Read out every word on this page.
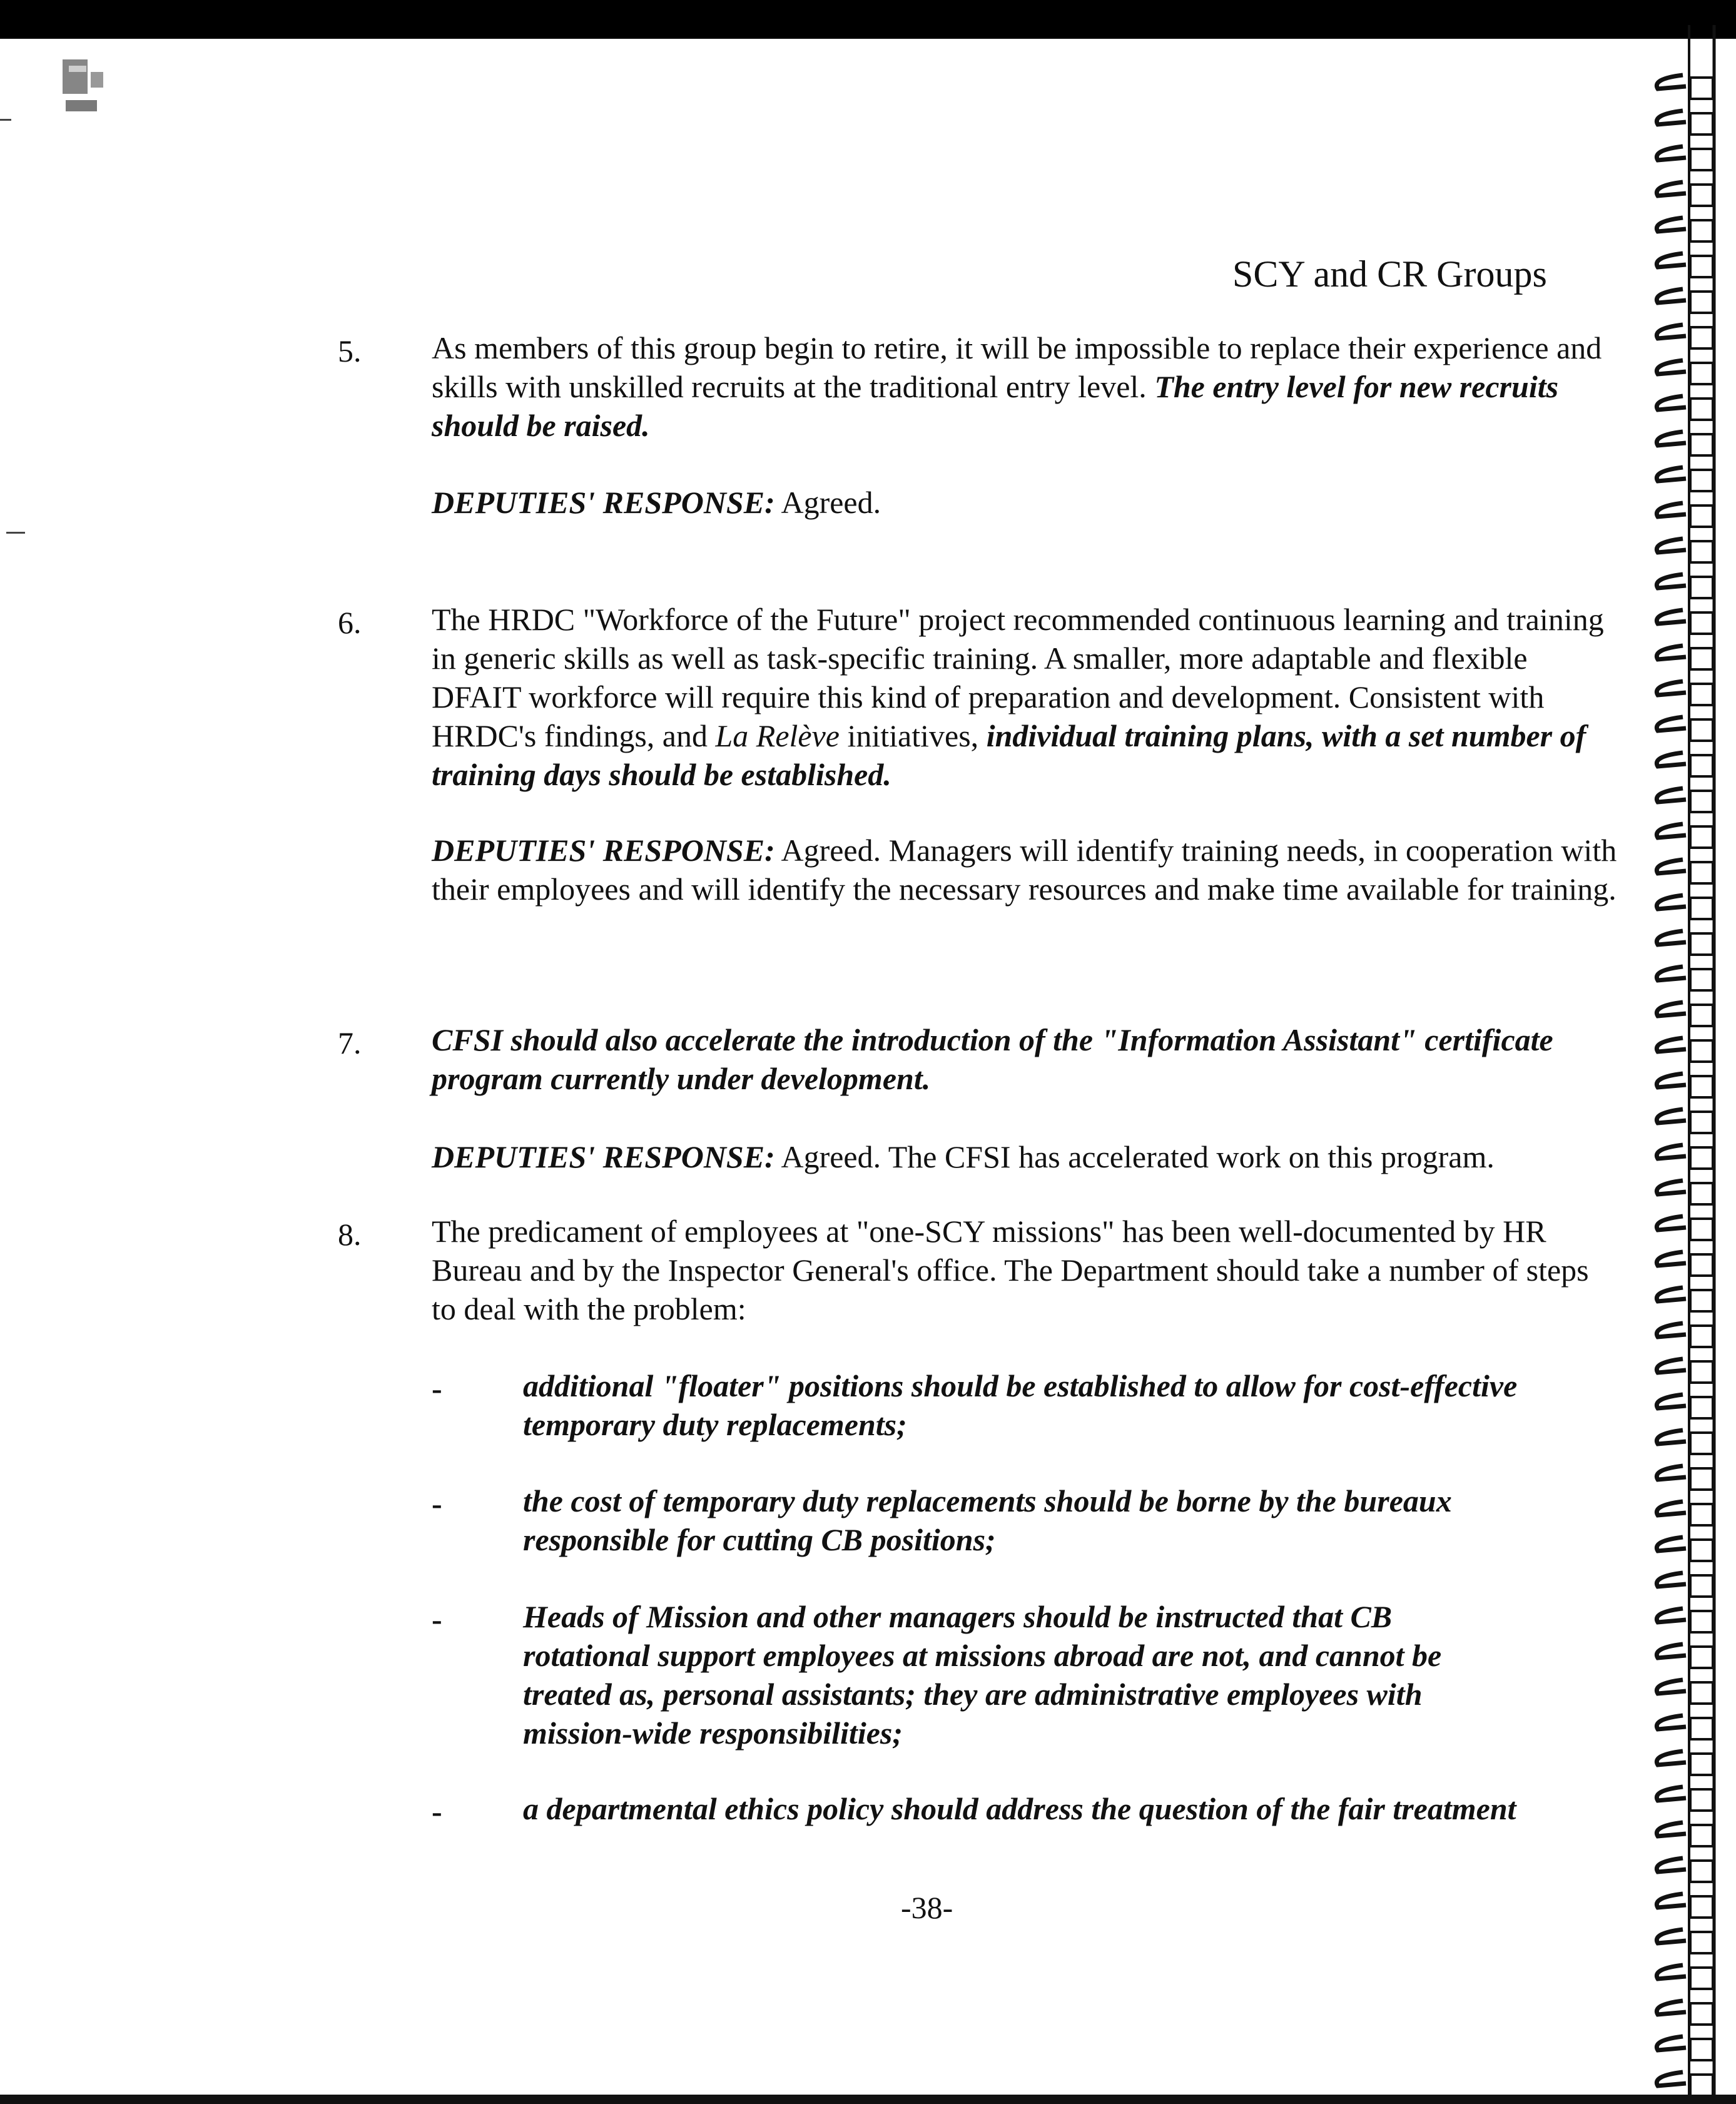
SCY and CR Groups
5. As members of this group begin to retire, it will be impossible to replace their experience and skills with unskilled recruits at the traditional entry level. The entry level for new recruits should be raised.
DEPUTIES' RESPONSE: Agreed.
6. The HRDC "Workforce of the Future" project recommended continuous learning and training in generic skills as well as task-specific training. A smaller, more adaptable and flexible DFAIT workforce will require this kind of preparation and development. Consistent with HRDC's findings, and La Relève initiatives, individual training plans, with a set number of training days should be established.
DEPUTIES' RESPONSE: Agreed. Managers will identify training needs, in cooperation with their employees and will identify the necessary resources and make time available for training.
7. CFSI should also accelerate the introduction of the "Information Assistant" certificate program currently under development.
DEPUTIES' RESPONSE: Agreed. The CFSI has accelerated work on this program.
8. The predicament of employees at "one-SCY missions" has been well-documented by HR Bureau and by the Inspector General's office. The Department should take a number of steps to deal with the problem:
-	additional "floater" positions should be established to allow for cost-effective temporary duty replacements;
-	the cost of temporary duty replacements should be borne by the bureaux responsible for cutting CB positions;
-	Heads of Mission and other managers should be instructed that CB rotational support employees at missions abroad are not, and cannot be treated as, personal assistants; they are administrative employees with mission-wide responsibilities;
-	a departmental ethics policy should address the question of the fair treatment
-38-
